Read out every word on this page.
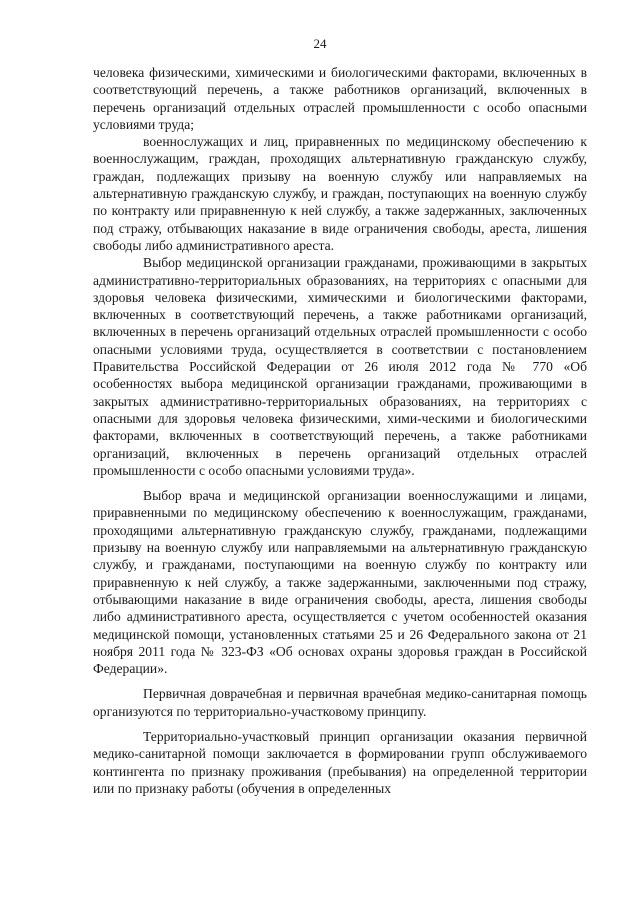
24

человека физическими, химическими и биологическими факторами, включенных в соответствующий перечень, а также работников организаций, включенных в перечень организаций отдельных отраслей промышленности с особо опасными условиями труда;

военнослужащих и лиц, приравненных по медицинскому обеспечению к военнослужащим, граждан, проходящих альтернативную гражданскую службу, граждан, подлежащих призыву на военную службу или направляемых на альтернативную гражданскую службу, и граждан, поступающих на военную службу по контракту или приравненную к ней службу, а также задержанных, заключенных под стражу, отбывающих наказание в виде ограничения свободы, ареста, лишения свободы либо административного ареста.

Выбор медицинской организации гражданами, проживающими в закрытых административно-территориальных образованиях, на территориях с опасными для здоровья человека физическими, химическими и биологическими факторами, включенных в соответствующий перечень, а также работниками организаций, включенных в перечень организаций отдельных отраслей промышленности с особо опасными условиями труда, осуществляется в соответствии с постановлением Правительства Российской Федерации от 26 июля 2012 года № 770 «Об особенностях выбора медицинской организации гражданами, проживающими в закрытых административно-территориальных образованиях, на территориях с опасными для здоровья человека физическими, хими-ческими и биологическими факторами, включенных в соответствующий перечень, а также работниками организаций, включенных в перечень организаций отдельных отраслей промышленности с особо опасными условиями труда».

Выбор врача и медицинской организации военнослужащими и лицами, приравненными по медицинскому обеспечению к военнослужащим, гражданами, проходящими альтернативную гражданскую службу, гражданами, подлежащими призыву на военную службу или направляемыми на альтернативную гражданскую службу, и гражданами, поступающими на военную службу по контракту или приравненную к ней службу, а также задержанными, заключенными под стражу, отбывающими наказание в виде ограничения свободы, ареста, лишения свободы либо административного ареста, осуществляется с учетом особенностей оказания медицинской помощи, установленных статьями 25 и 26 Федерального закона от 21 ноября 2011 года № 323-ФЗ «Об основах охраны здоровья граждан в Российской Федерации».

Первичная доврачебная и первичная врачебная медико-санитарная помощь организуются по территориально-участковому принципу.

Территориально-участковый принцип организации оказания первичной медико-санитарной помощи заключается в формировании групп обслуживаемого контингента по признаку проживания (пребывания) на определенной территории или по признаку работы (обучения в определенных
